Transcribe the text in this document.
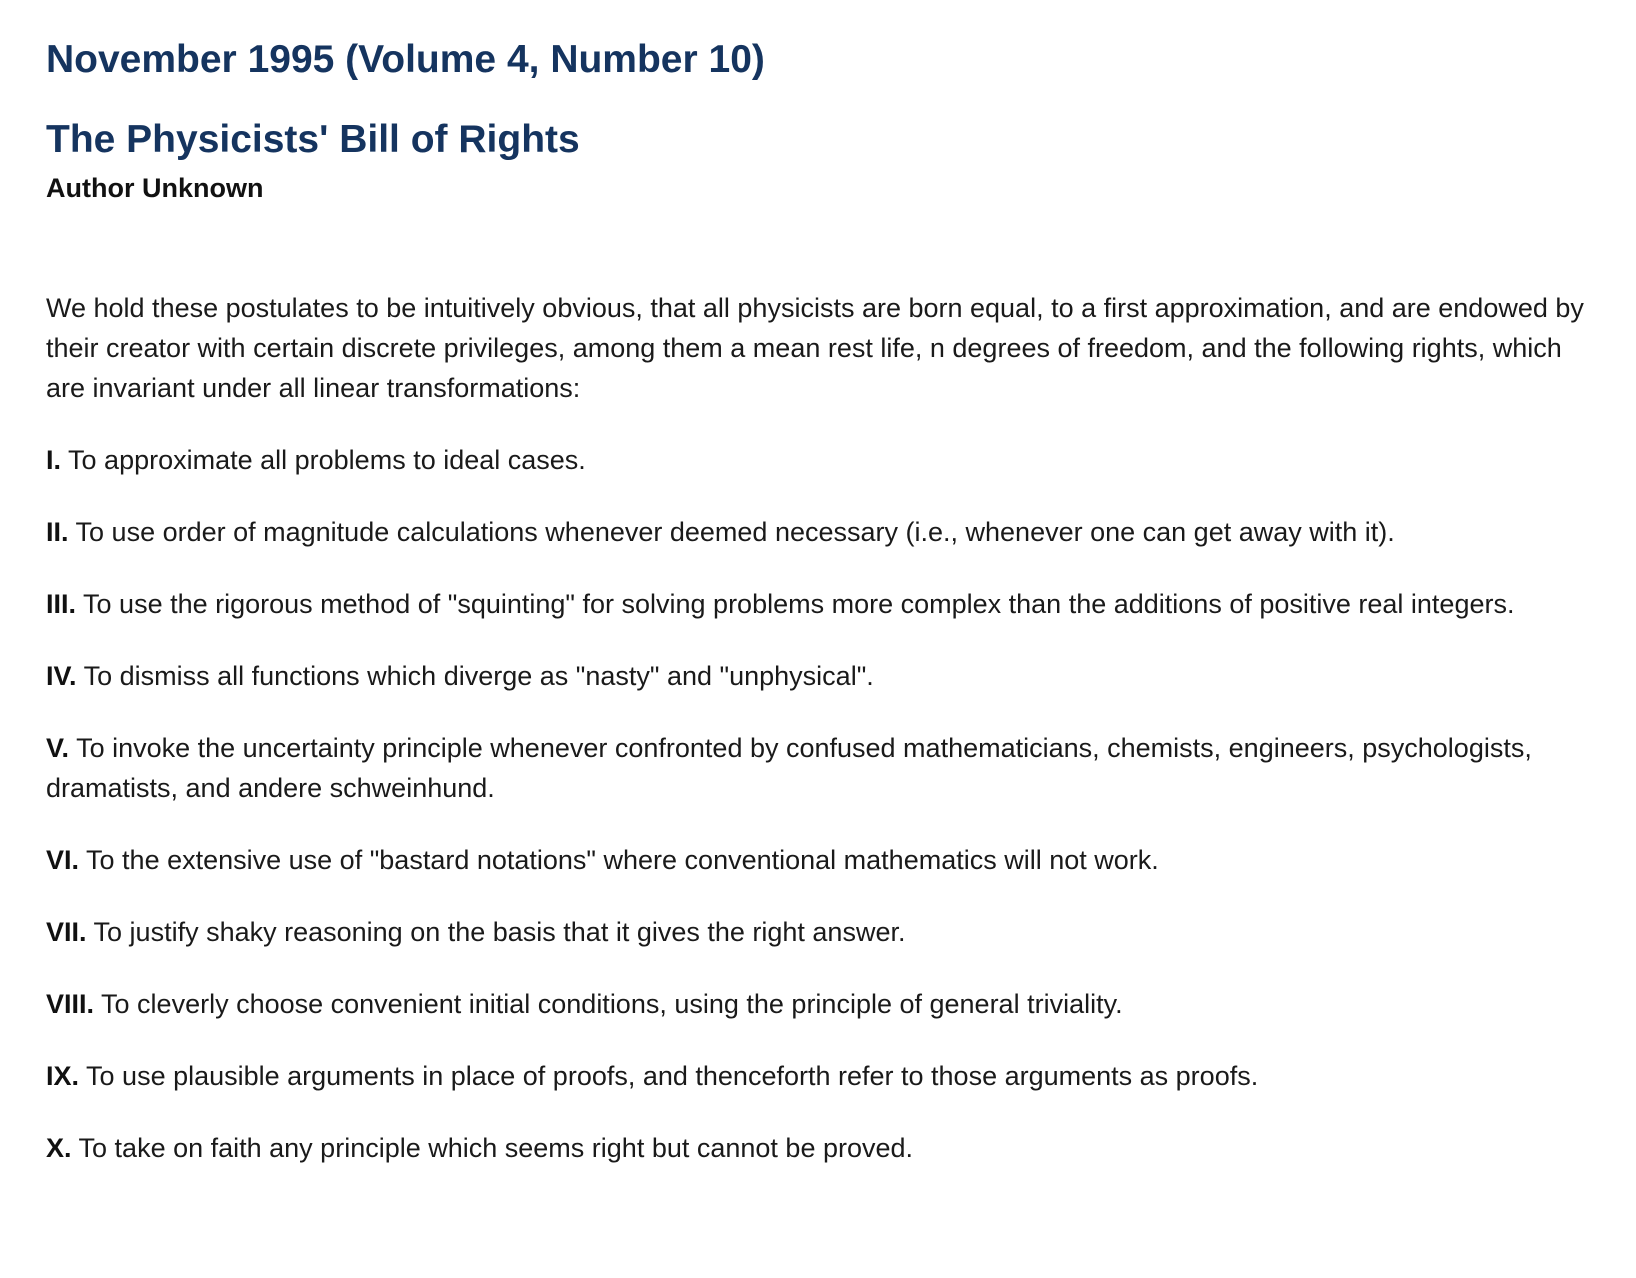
November 1995 (Volume 4, Number 10)
The Physicists' Bill of Rights
Author Unknown

We hold these postulates to be intuitively obvious, that all physicists are born equal, to a first approximation, and are endowed by their creator with certain discrete privileges, among them a mean rest life, n degrees of freedom, and the following rights, which are invariant under all linear transformations:

I. To approximate all problems to ideal cases.
II. To use order of magnitude calculations whenever deemed necessary (i.e., whenever one can get away with it).
III. To use the rigorous method of "squinting" for solving problems more complex than the additions of positive real integers.
IV. To dismiss all functions which diverge as "nasty" and "unphysical".
V. To invoke the uncertainty principle whenever confronted by confused mathematicians, chemists, engineers, psychologists, dramatists, and andere schweinhund.
VI. To the extensive use of "bastard notations" where conventional mathematics will not work.
VII. To justify shaky reasoning on the basis that it gives the right answer.
VIII. To cleverly choose convenient initial conditions, using the principle of general triviality.
IX. To use plausible arguments in place of proofs, and thenceforth refer to those arguments as proofs.
X. To take on faith any principle which seems right but cannot be proved.
